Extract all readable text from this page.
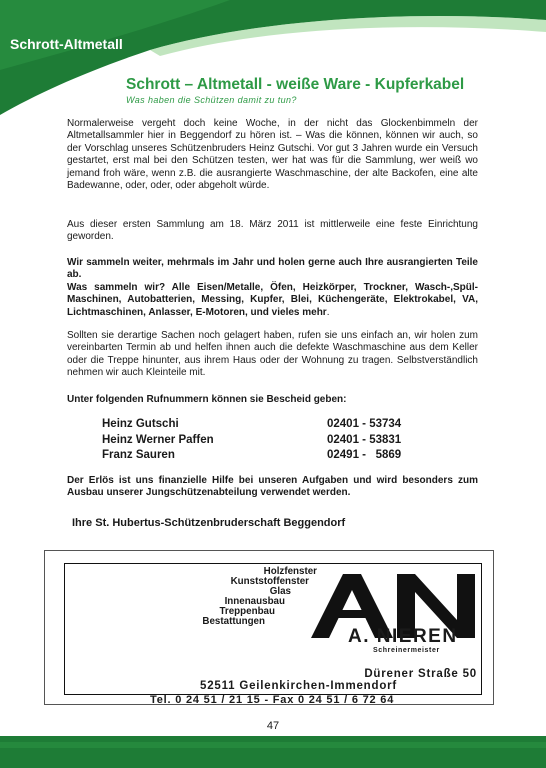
Schrott-Altmetall
Schrott – Altmetall - weiße Ware - Kupferkabel
Was haben die Schützen damit zu tun?

Normalerweise vergeht doch keine Woche, in der nicht das Glockenbimmeln der Altmetallsammler hier in Beggendorf zu hören ist. – Was die können, können wir auch, so der Vorschlag unseres Schützenbruders Heinz Gutschi. Vor gut 3 Jahren wurde ein Versuch gestartet, erst mal bei den Schützen testen, wer hat was für die Sammlung, wer weiß wo jemand froh wäre, wenn z.B. die ausrangierte Waschmaschine, der alte Backofen, eine alte Badewanne, oder, oder, oder abgeholt würde.

Aus dieser ersten Sammlung am 18. März 2011 ist mittlerweile eine feste Einrichtung geworden.

Wir sammeln weiter, mehrmals im Jahr und holen gerne auch Ihre ausrangierten Teile ab.

Was sammeln wir? Alle Eisen/Metalle, Öfen, Heizkörper, Trockner, Wasch-,Spül-Maschinen, Autobatterien, Messing, Kupfer, Blei, Küchengeräte, Elektrokabel, VA, Lichtmaschinen, Anlasser, E-Motoren, und vieles mehr.

Sollten sie derartige Sachen noch gelagert haben, rufen sie uns einfach an, wir holen zum vereinbarten Termin ab und helfen ihnen auch die defekte Waschmaschine aus dem Keller oder die Treppe hinunter, aus ihrem Haus oder der Wohnung zu tragen. Selbstverständlich nehmen wir auch Kleinteile mit.

Unter folgenden Rufnummern können sie Bescheid geben:
Heinz Gutschi	02401 - 53734
Heinz Werner Paffen	02401 - 53831
Franz Sauren	02491 -   5869

Der Erlös ist uns finanzielle Hilfe bei unseren Aufgaben und wird besonders zum Ausbau unserer Jungschützenabteilung verwendet werden.

Ihre St. Hubertus-Schützenbruderschaft Beggendorf
Holzfenster
Kunststoffenster
Glas
Innenausbau
Treppenbau
Bestattungen
A. NIEREN
Schreinermeister
Dürener Straße 50
52511 Geilenkirchen-Immendorf
Tel. 0 24 51 / 21 15 - Fax 0 24 51 / 6 72 64
47
